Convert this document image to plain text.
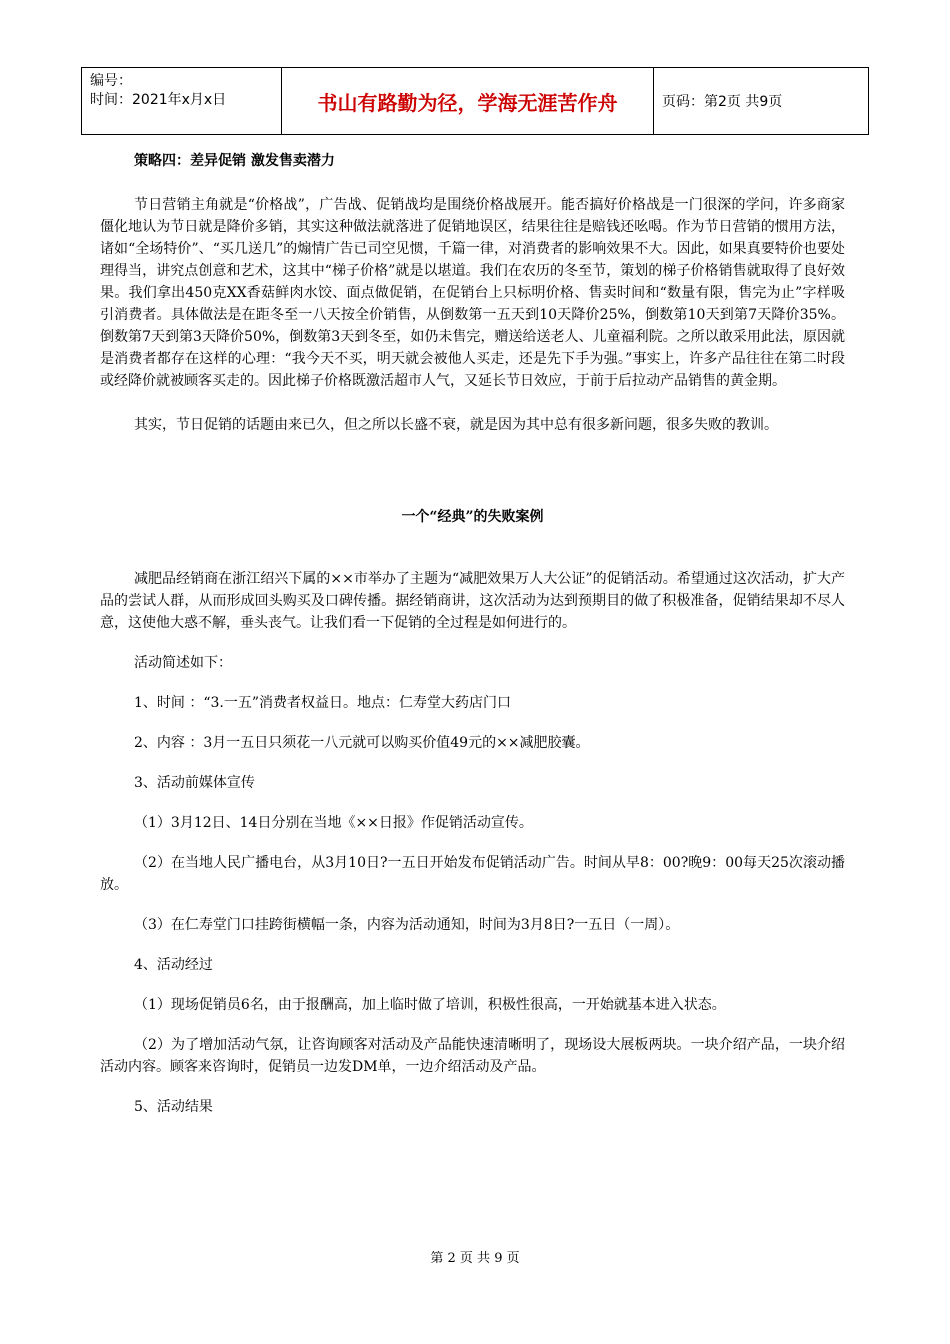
编号：
时间：2021年x月x日	书山有路勤为径，学海无涯苦作舟	页码：第2页 共9页

策略四：差异促销 激发售卖潜力

节日营销主角就是“价格战”，广告战、促销战均是围绕价格战展开。能否搞好价格战是一门很深的学问，许多商家僵化地认为节日就是降价多销，其实这种做法就落进了促销地误区，结果往往是赔钱还吆喝。作为节日营销的惯用方法，诸如“全场特价”、“买几送几”的煽情广告已司空见惯，千篇一律，对消费者的影响效果不大。因此，如果真要特价也要处理得当，讲究点创意和艺术，这其中“梯子价格”就是以堪道。我们在农历的冬至节，策划的梯子价格销售就取得了良好效果。我们拿出450克XX香菇鲜肉水饺、面点做促销，在促销台上只标明价格、售卖时间和“数量有限，售完为止”字样吸引消费者。具体做法是在距冬至一八天按全价销售，从倒数第一五天到10天降价25%，倒数第10天到第7天降价35%。倒数第7天到第3天降价50%，倒数第3天到冬至，如仍未售完，赠送给送老人、儿童福利院。之所以敢采用此法，原因就是消费者都存在这样的心理：“我今天不买，明天就会被他人买走，还是先下手为强。”事实上，许多产品往往在第二时段或经降价就被顾客买走的。因此梯子价格既激活超市人气，又延长节日效应，于前于后拉动产品销售的黄金期。

其实，节日促销的话题由来已久，但之所以长盛不衰，就是因为其中总有很多新问题，很多失败的教训。

一个“经典”的失败案例

减肥品经销商在浙江绍兴下属的××市举办了主题为“减肥效果万人大公证”的促销活动。希望通过这次活动，扩大产品的尝试人群，从而形成回头购买及口碑传播。据经销商讲，这次活动为达到预期目的做了积极准备，促销结果却不尽人意，这使他大惑不解，垂头丧气。让我们看一下促销的全过程是如何进行的。

活动简述如下：

1、时间 ：“3.一五”消费者权益日。地点：仁寿堂大药店门口

2、内容 ：3月一五日只须花一八元就可以购买价值49元的××减肥胶囊。

3、活动前媒体宣传

（1）3月12日、14日分别在当地《××日报》作促销活动宣传。

（2）在当地人民广播电台，从3月10日?一五日开始发布促销活动广告。时间从早8：00?晚9：00每天25次滚动播放。

（3）在仁寿堂门口挂跨街横幅一条，内容为活动通知，时间为3月8日?一五日（一周）。

4、活动经过

（1）现场促销员6名，由于报酬高，加上临时做了培训，积极性很高，一开始就基本进入状态。

（2）为了增加活动气氛，让咨询顾客对活动及产品能快速清晰明了，现场设大展板两块。一块介绍产品，一块介绍活动内容。顾客来咨询时，促销员一边发DM单，一边介绍活动及产品。

5、活动结果

第 2 页 共 9 页
